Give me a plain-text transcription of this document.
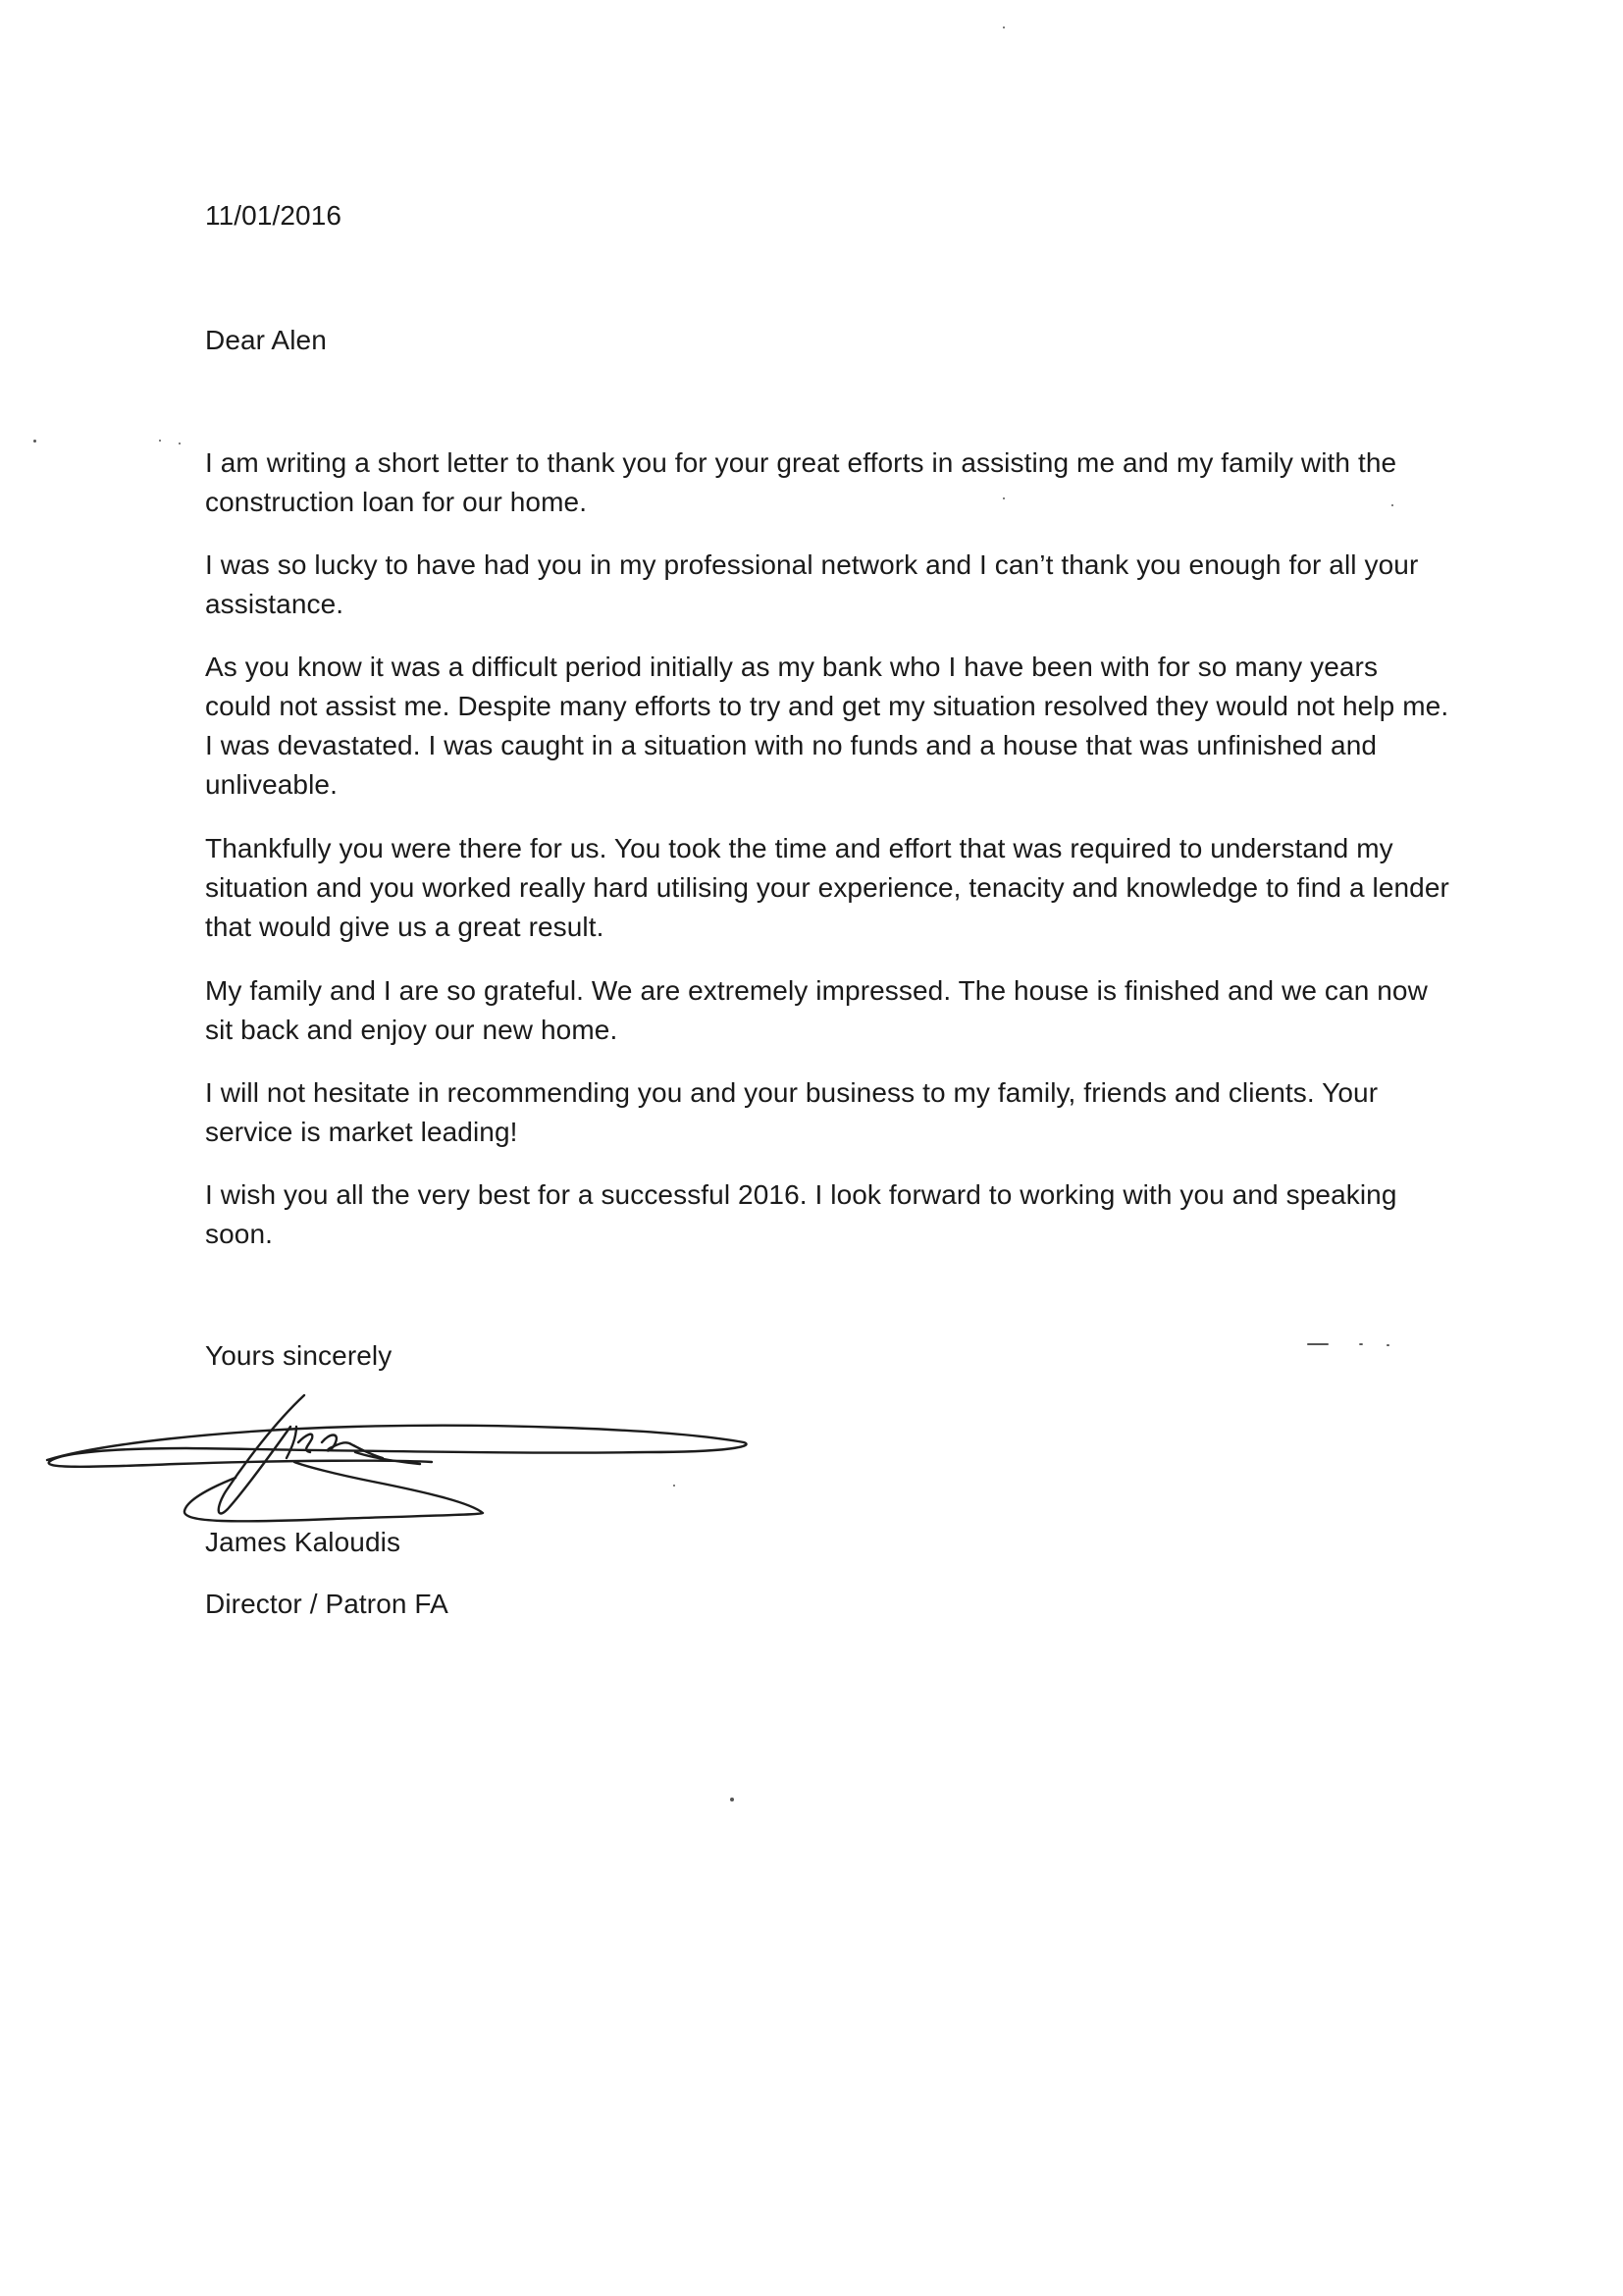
11/01/2016

Dear Alen

I am writing a short letter to thank you for your great efforts in assisting me and my family with the construction loan for our home.

I was so lucky to have had you in my professional network and I can’t thank you enough for all your assistance.

As you know it was a difficult period initially as my bank who I have been with for so many years could not assist me. Despite many efforts to try and get my situation resolved they would not help me. I was devastated. I was caught in a situation with no funds and a house that was unfinished and unliveable.

Thankfully you were there for us. You took the time and effort that was required to understand my situation and you worked really hard utilising your experience, tenacity and knowledge to find a lender that would give us a great result.

My family and I are so grateful. We are extremely impressed. The house is finished and we can now sit back and enjoy our new home.

I will not hesitate in recommending you and your business to my family, friends and clients. Your service is market leading!

I wish you all the very best for a successful 2016. I look forward to working with you and speaking soon.

Yours sincerely

James Kaloudis

Director / Patron FA
